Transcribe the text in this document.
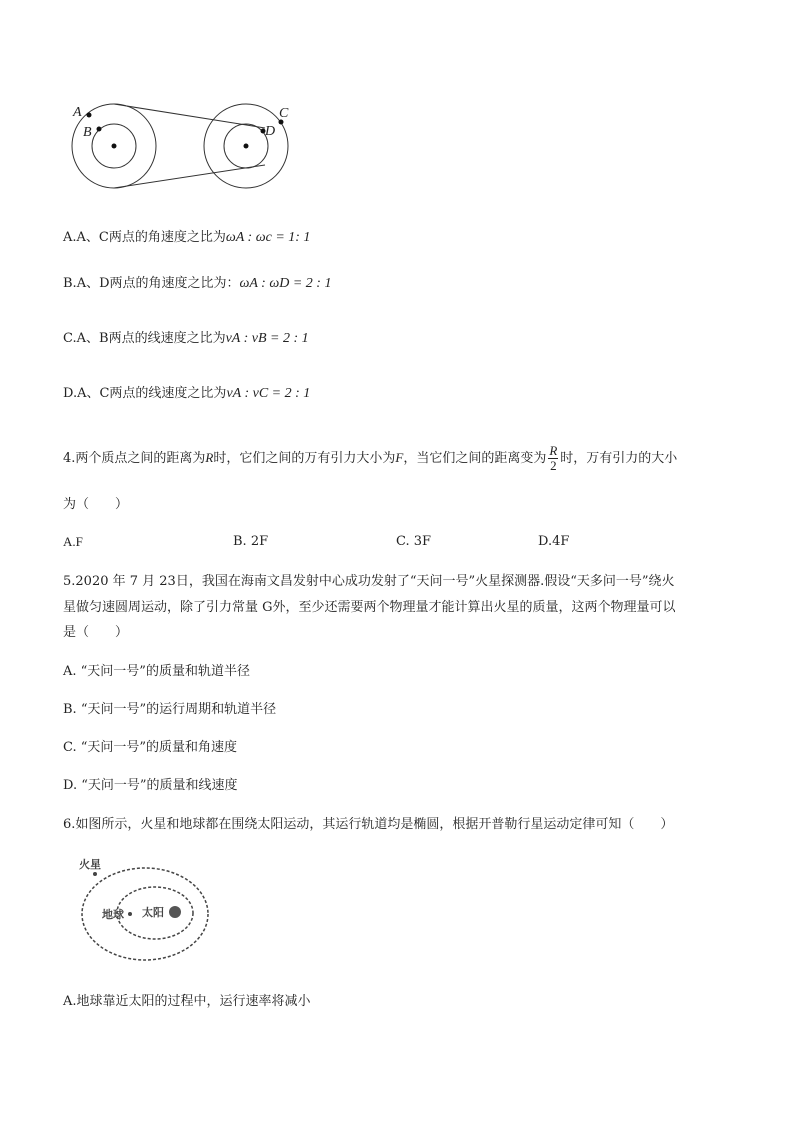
A
B
C
D
A.A、C两点的角速度之比为ωA : ωc = 1: 1
B.A、D两点的角速度之比为：ωA : ωD = 2 : 1
C.A、B两点的线速度之比为vA : vB = 2 : 1
D.A、C两点的线速度之比为vA : vC = 2 : 1
4.两个质点之间的距离为R时，它们之间的万有引力大小为F，当它们之间的距离变为 $\frac{R}{2}$ 时，万有引力的大小
为（　　）
A.F	B. 2F	C. 3F	D.4F
5.2020 年 7 月 23日，我国在海南文昌发射中心成功发射了“天问一号”火星探测器.假设“天多问一号”绕火
星做匀速圆周运动，除了引力常量 G外，至少还需要两个物理量才能计算出火星的质量，这两个物理量可以
是（　　）
A. “天问一号”的质量和轨道半径
B. “天问一号”的运行周期和轨道半径
C. “天问一号”的质量和角速度
D. “天问一号”的质量和线速度
6.如图所示，火星和地球都在围绕太阳运动，其运行轨道均是椭圆，根据开普勒行星运动定律可知（　　）
火星
地球 太阳
A.地球靠近太阳的过程中，运行速率将减小
